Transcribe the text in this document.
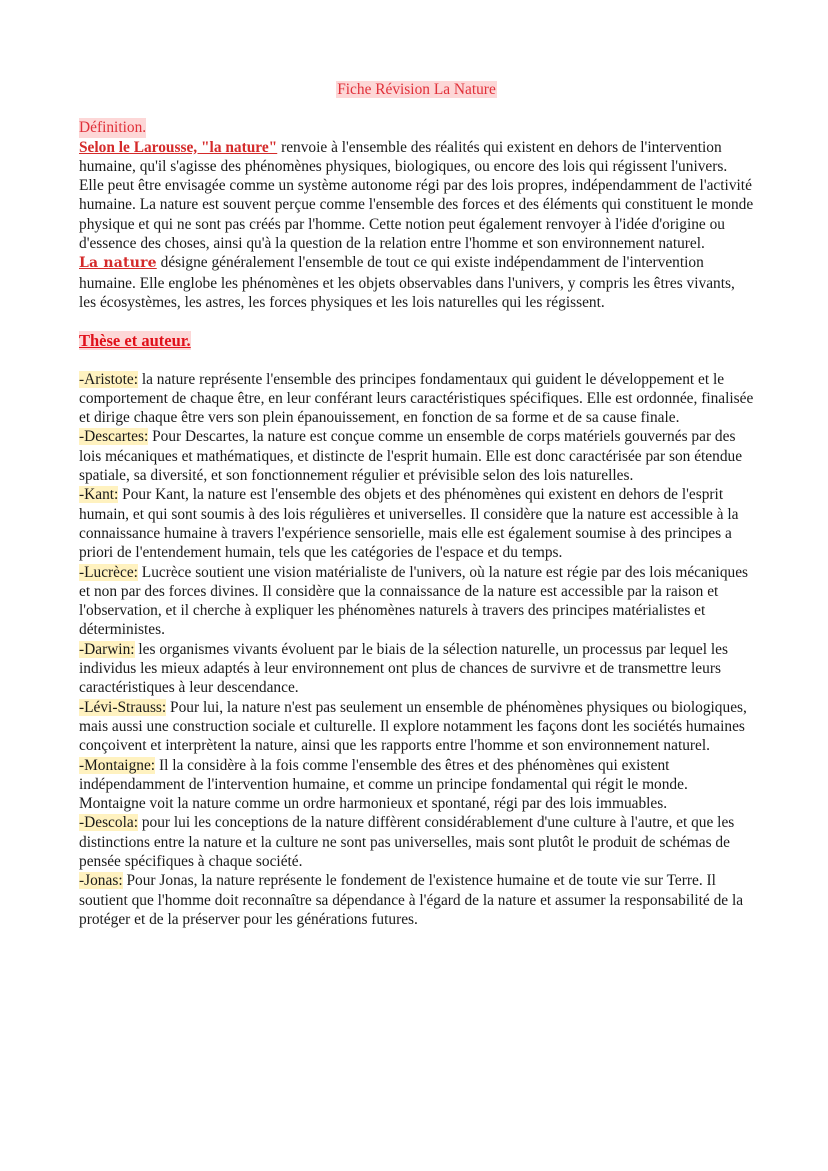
Fiche Révision La Nature
Définition.

Selon le Larousse, "la nature" renvoie à l'ensemble des réalités qui existent en dehors de l'intervention humaine, qu'il s'agisse des phénomènes physiques, biologiques, ou encore des lois qui régissent l'univers. Elle peut être envisagée comme un système autonome régi par des lois propres, indépendamment de l'activité humaine. La nature est souvent perçue comme l'ensemble des forces et des éléments qui constituent le monde physique et qui ne sont pas créés par l'homme. Cette notion peut également renvoyer à l'idée d'origine ou d'essence des choses, ainsi qu'à la question de la relation entre l'homme et son environnement naturel.

La nature désigne généralement l'ensemble de tout ce qui existe indépendamment de l'intervention humaine. Elle englobe les phénomènes et les objets observables dans l'univers, y compris les êtres vivants, les écosystèmes, les astres, les forces physiques et les lois naturelles qui les régissent.

Thèse et auteur.

-Aristote: la nature représente l'ensemble des principes fondamentaux qui guident le développement et le comportement de chaque être, en leur conférant leurs caractéristiques spécifiques. Elle est ordonnée, finalisée et dirige chaque être vers son plein épanouissement, en fonction de sa forme et de sa cause finale.

-Descartes: Pour Descartes, la nature est conçue comme un ensemble de corps matériels gouvernés par des lois mécaniques et mathématiques, et distincte de l'esprit humain. Elle est donc caractérisée par son étendue spatiale, sa diversité, et son fonctionnement régulier et prévisible selon des lois naturelles.

-Kant: Pour Kant, la nature est l'ensemble des objets et des phénomènes qui existent en dehors de l'esprit humain, et qui sont soumis à des lois régulières et universelles. Il considère que la nature est accessible à la connaissance humaine à travers l'expérience sensorielle, mais elle est également soumise à des principes a priori de l'entendement humain, tels que les catégories de l'espace et du temps.

-Lucrèce: Lucrèce soutient une vision matérialiste de l'univers, où la nature est régie par des lois mécaniques et non par des forces divines. Il considère que la connaissance de la nature est accessible par la raison et l'observation, et il cherche à expliquer les phénomènes naturels à travers des principes matérialistes et déterministes.

-Darwin: les organismes vivants évoluent par le biais de la sélection naturelle, un processus par lequel les individus les mieux adaptés à leur environnement ont plus de chances de survivre et de transmettre leurs caractéristiques à leur descendance.

-Lévi-Strauss: Pour lui, la nature n'est pas seulement un ensemble de phénomènes physiques ou biologiques, mais aussi une construction sociale et culturelle. Il explore notamment les façons dont les sociétés humaines conçoivent et interprètent la nature, ainsi que les rapports entre l'homme et son environnement naturel.

-Montaigne: Il la considère à la fois comme l'ensemble des êtres et des phénomènes qui existent indépendamment de l'intervention humaine, et comme un principe fondamental qui régit le monde. Montaigne voit la nature comme un ordre harmonieux et spontané, régi par des lois immuables.

-Descola: pour lui les conceptions de la nature diffèrent considérablement d'une culture à l'autre, et que les distinctions entre la nature et la culture ne sont pas universelles, mais sont plutôt le produit de schémas de pensée spécifiques à chaque société.

-Jonas: Pour Jonas, la nature représente le fondement de l'existence humaine et de toute vie sur Terre. Il soutient que l'homme doit reconnaître sa dépendance à l'égard de la nature et assumer la responsabilité de la protéger et de la préserver pour les générations futures.
